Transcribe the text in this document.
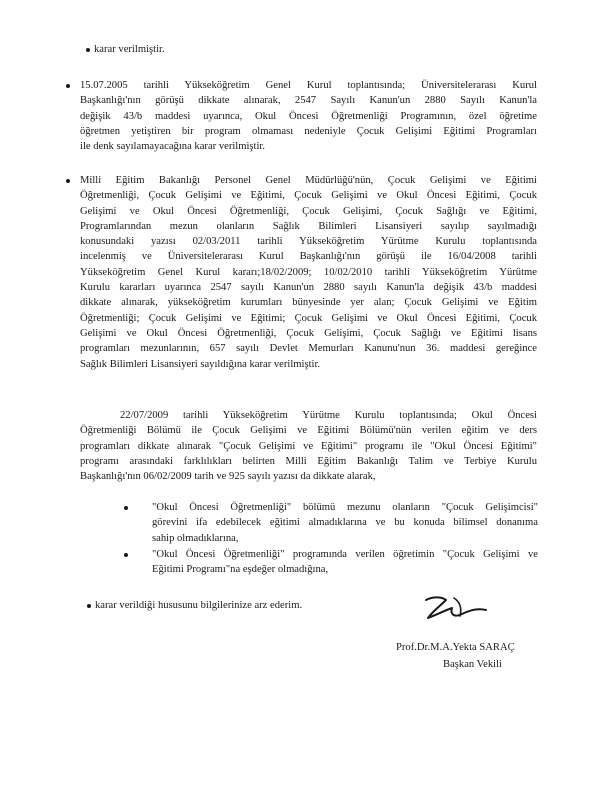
karar verilmiştir.
15.07.2005 tarihli Yükseköğretim Genel Kurul toplantısında; Üniversitelerarası Kurul
Başkanlığı'nın görüşü dikkate alınarak, 2547 Sayılı Kanun'un 2880 Sayılı Kanun'la
değişik 43/b maddesi uyarınca, Okul Öncesi Öğretmenliği Programının, özel öğretime
öğretmen yetiştiren bir program olmaması nedeniyle Çocuk Gelişimi Eğitimi Programları
ile denk sayılamayacağına karar verilmiştir.
Milli Eğitim Bakanlığı Personel Genel Müdürlüğü'nün, Çocuk Gelişimi ve Eğitimi
Öğretmenliği, Çocuk Gelişimi ve Eğitimi, Çocuk Gelişimi ve Okul Öncesi Eğitimi, Çocuk
Gelişimi ve Okul Öncesi Öğretmenliği, Çocuk Gelişimi, Çocuk Sağlığı ve Eğitimi,
Programlarından mezun olanların Sağlık Bilimleri Lisansiyeri sayılıp sayılmadığı
konusundaki yazısı 02/03/2011 tarihli Yükseköğretim Yürütme Kurulu toplantısında
incelenmiş ve Üniversitelerarası Kurul Başkanlığı'nın görüşü ile 16/04/2008 tarihli
Yükseköğretim Genel Kurul kararı;18/02/2009; 10/02/2010 tarihli Yükseköğretim Yürütme
Kurulu kararları uyarınca 2547 sayılı Kanun'un 2880 sayılı Kanun'la değişik 43/b maddesi
dikkate alınarak, yükseköğretim kurumları bünyesinde yer alan; Çocuk Gelişimi ve Eğitim
Öğretmenliği; Çocuk Gelişimi ve Eğitimi; Çocuk Gelişimi ve Okul Öncesi Eğitimi, Çocuk
Gelişimi ve Okul Öncesi Öğretmenliği, Çocuk Gelişimi, Çocuk Sağlığı ve Eğitimi lisans
programları mezunlarının, 657 sayılı Devlet Memurları Kanunu'nun 36. maddesi gereğince
Sağlık Bilimleri Lisansiyeri sayıldığına karar verilmiştir.
22/07/2009 tarihli Yükseköğretim Yürütme Kurulu toplantısında; Okul Öncesi
Öğretmenliği Bölümü ile Çocuk Gelişimi ve Eğitimi Bölümü'nün verilen eğitim ve ders
programları dikkate alınarak "Çocuk Gelişimi ve Eğitimi" programı ile "Okul Öncesi Eğitimi"
programı arasındaki farklılıkları belirten Milli Eğitim Bakanlığı Talim ve Terbiye Kurulu
Başkanlığı'nın 06/02/2009 tarih ve 925 sayılı yazısı da dikkate alarak,
"Okul Öncesi Öğretmenliği" bölümü mezunu olanların "Çocuk Gelişimcisi"
görevini ifa edebilecek eğitimi almadıklarına ve bu konuda bilimsel donanıma
sahip olmadıklarına,
"Okul Öncesi Öğretmenliği" programında verilen öğretimin "Çocuk Gelişimi ve
Eğitimi Programı"na eşdeğer olmadığına,
karar verildiği hususunu bilgilerinize arz ederim.
Prof.Dr.M.A.Yekta SARAÇ
Başkan Vekili
